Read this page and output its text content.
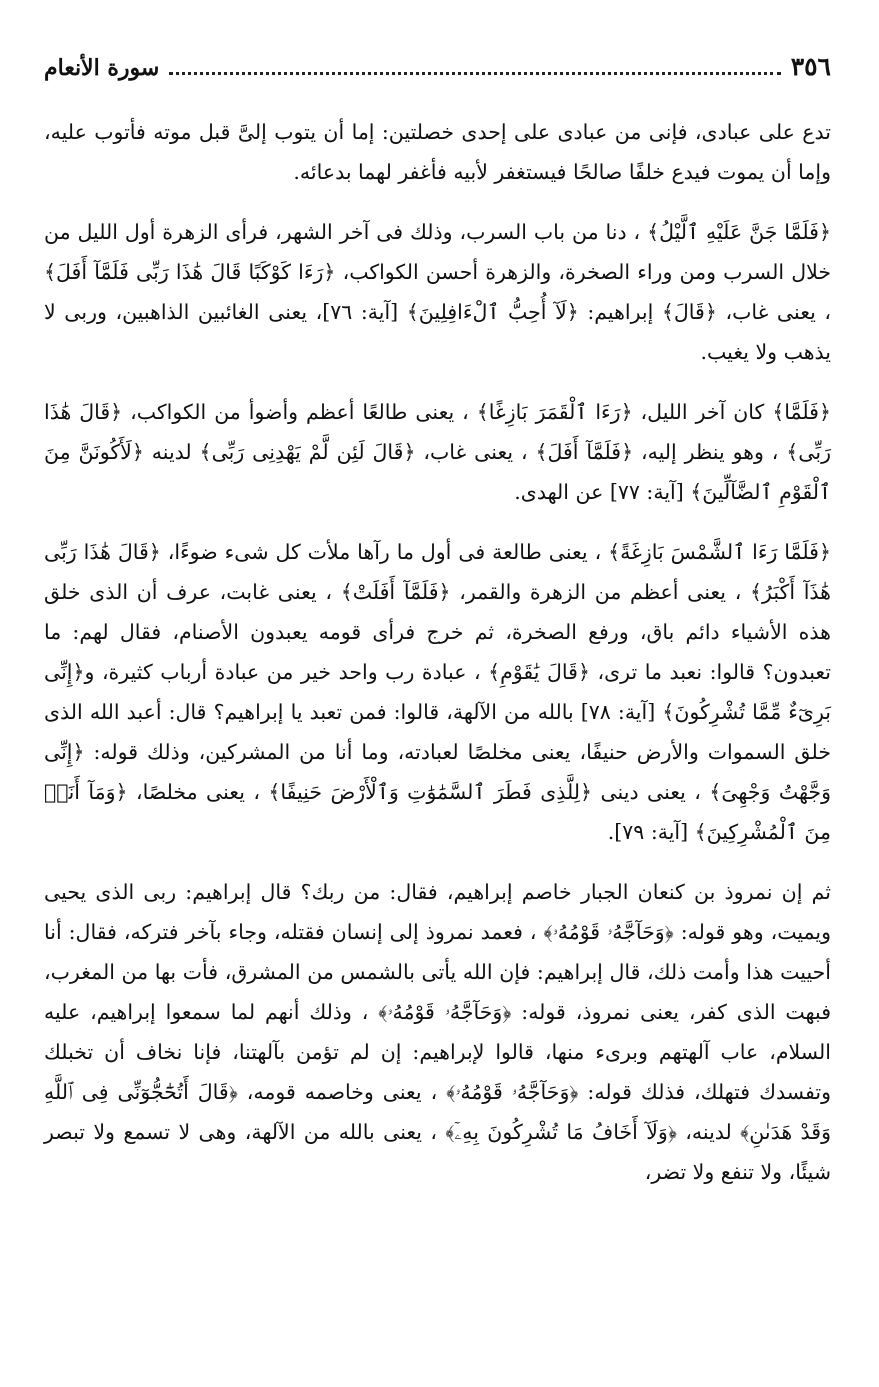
٣٥٦
سورة الأنعام

تدع على عبادى، فإنى من عبادى على إحدى خصلتين: إما أن يتوب إلىَّ قبل موته فأتوب عليه، وإما أن يموت فيدع خلفًا صالحًا فيستغفر لأبيه فأغفر لهما بدعائه.

﴿فَلَمَّا جَنَّ عَلَيْهِ ٱلَّيْلُ﴾ ، دنا من باب السرب، وذلك فى آخر الشهر، فرأى الزهرة أول الليل من خلال السرب ومن وراء الصخرة، والزهرة أحسن الكواكب، ﴿رَءَا كَوْكَبًا قَالَ هَٰذَا رَبِّى فَلَمَّآ أَفَلَ﴾ ، يعنى غاب، ﴿قَالَ﴾ إبراهيم: ﴿لَآ أُحِبُّ ٱلْءَافِلِينَ﴾ [آية: ٧٦]، يعنى الغائبين الذاهبين، وربى لا يذهب ولا يغيب.

﴿فَلَمَّا﴾ كان آخر الليل، ﴿رَءَا ٱلْقَمَرَ بَازِغًا﴾ ، يعنى طالعًا أعظم وأضوأ من الكواكب، ﴿قَالَ هَٰذَا رَبِّى﴾ ، وهو ينظر إليه، ﴿فَلَمَّآ أَفَلَ﴾ ، يعنى غاب، ﴿قَالَ لَئِن لَّمْ يَهْدِنِى رَبِّى﴾ لدينه ﴿لَأَكُونَنَّ مِنَ ٱلْقَوْمِ ٱلضَّآلِّينَ﴾ [آية: ٧٧] عن الهدى.

﴿فَلَمَّا رَءَا ٱلشَّمْسَ بَازِغَةً﴾ ، يعنى طالعة فى أول ما رآها ملأت كل شىء ضوءًا، ﴿قَالَ هَٰذَا رَبِّى هَٰذَآ أَكْبَرُ﴾ ، يعنى أعظم من الزهرة والقمر، ﴿فَلَمَّآ أَفَلَتْ﴾ ، يعنى غابت، عرف أن الذى خلق هذه الأشياء دائم باق، ورفع الصخرة، ثم خرج فرأى قومه يعبدون الأصنام، فقال لهم: ما تعبدون؟ قالوا: نعبد ما ترى، ﴿قَالَ يَٰقَوْمِ﴾ ، عبادة رب واحد خير من عبادة أرباب كثيرة، و﴿إِنِّى بَرِىٓءٌ مِّمَّا تُشْرِكُونَ﴾ [آية: ٧٨] بالله من الآلهة، قالوا: فمن تعبد يا إبراهيم؟ قال: أعبد الله الذى خلق السموات والأرض حنيفًا، يعنى مخلصًا لعبادته، وما أنا من المشركين، وذلك قوله: ﴿إِنِّى وَجَّهْتُ وَجْهِىَ﴾ ، يعنى دينى ﴿لِلَّذِى فَطَرَ ٱلسَّمَٰوَٰتِ وَٱلْأَرْضَ حَنِيفًا﴾ ، يعنى مخلصًا، ﴿وَمَآ أَنَا۠ مِنَ ٱلْمُشْرِكِينَ﴾ [آية: ٧٩].

ثم إن نمروذ بن كنعان الجبار خاصم إبراهيم، فقال: من ربك؟ قال إبراهيم: ربى الذى يحيى ويميت، وهو قوله: ﴿وَحَآجَّهُۥ قَوْمُهُۥ﴾ ، فعمد نمروذ إلى إنسان فقتله، وجاء بآخر فتركه، فقال: أنا أحييت هذا وأمت ذلك، قال إبراهيم: فإن الله يأتى بالشمس من المشرق، فأت بها من المغرب، فبهت الذى كفر، يعنى نمروذ، قوله: ﴿وَحَآجَّهُۥ قَوْمُهُۥ﴾ ، وذلك أنهم لما سمعوا إبراهيم، عليه السلام، عاب آلهتهم وبرىء منها، قالوا لإبراهيم: إن لم تؤمن بآلهتنا، فإنا نخاف أن تخبلك وتفسدك فتهلك، فذلك قوله: ﴿وَحَآجَّهُۥ قَوْمُهُۥ﴾ ، يعنى وخاصمه قومه، ﴿قَالَ أَتُحَٰٓجُّوٓنِّى فِى ٱللَّهِ وَقَدْ هَدَىٰنِ﴾ لدينه، ﴿وَلَآ أَخَافُ مَا تُشْرِكُونَ بِهِۦٓ﴾ ، يعنى بالله من الآلهة، وهى لا تسمع ولا تبصر شيئًا، ولا تنفع ولا تضر،
